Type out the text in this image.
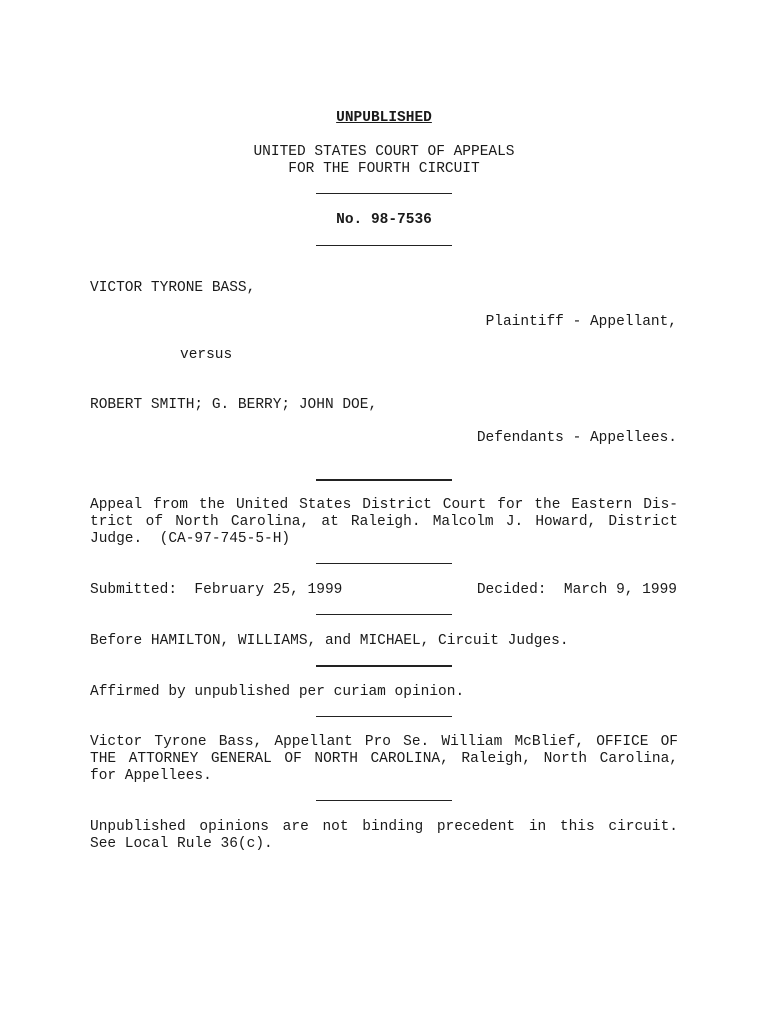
UNPUBLISHED
UNITED STATES COURT OF APPEALS
FOR THE FOURTH CIRCUIT
No. 98-7536
VICTOR TYRONE BASS,
Plaintiff - Appellant,
versus
ROBERT SMITH; G. BERRY; JOHN DOE,
Defendants - Appellees.
Appeal from the United States District Court for the Eastern Dis-
trict of North Carolina, at Raleigh. Malcolm J. Howard, District
Judge.  (CA-97-745-5-H)
Submitted:  February 25, 1999	Decided:  March 9, 1999
Before HAMILTON, WILLIAMS, and MICHAEL, Circuit Judges.
Affirmed by unpublished per curiam opinion.
Victor Tyrone Bass, Appellant Pro Se. William McBlief, OFFICE OF
THE ATTORNEY GENERAL OF NORTH CAROLINA, Raleigh, North Carolina,
for Appellees.
Unpublished opinions are not binding precedent in this circuit.
See Local Rule 36(c).
